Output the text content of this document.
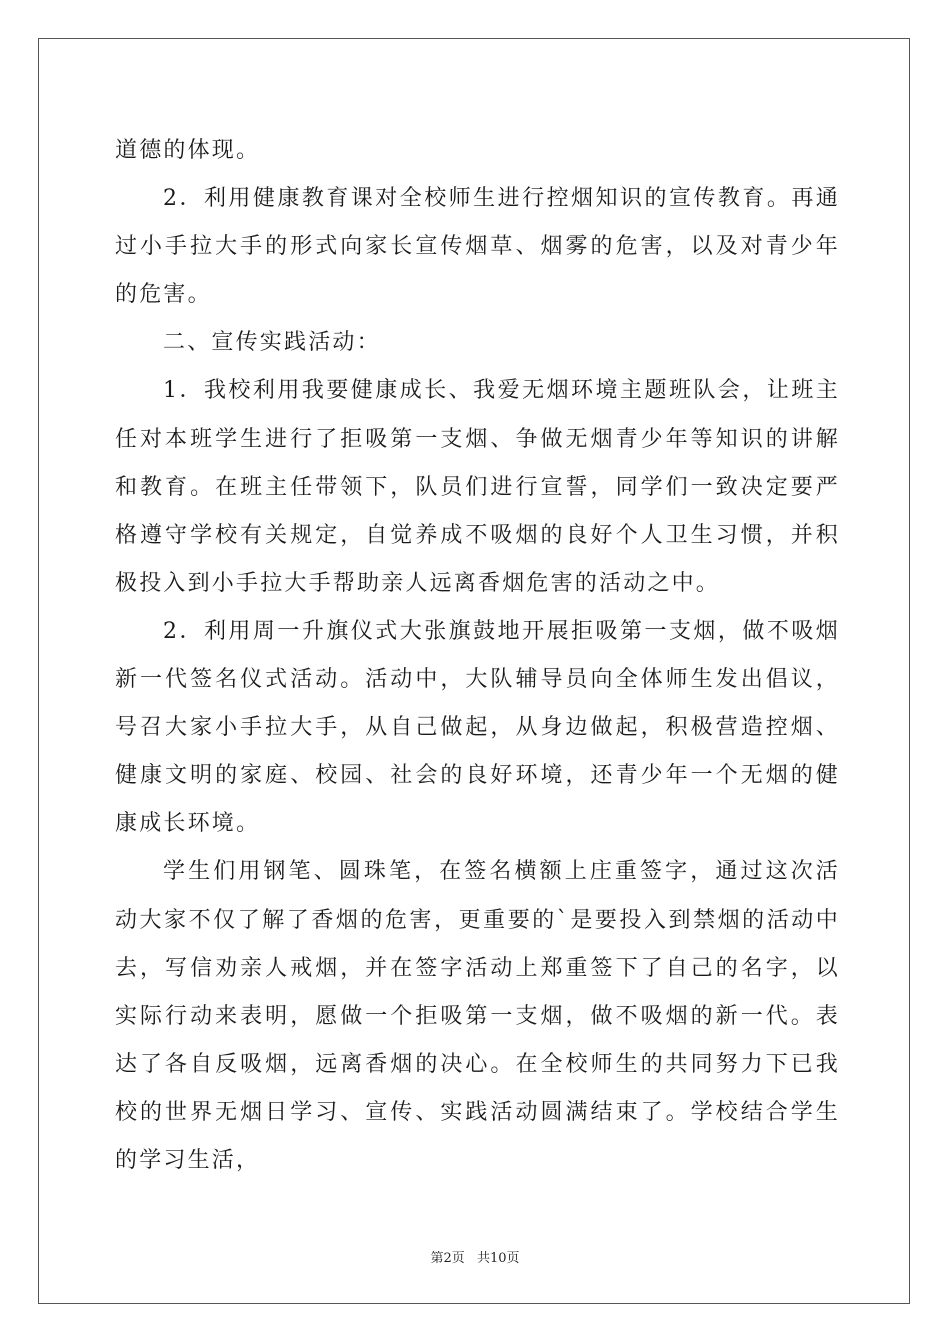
道德的体现。

2．利用健康教育课对全校师生进行控烟知识的宣传教育。再通过小手拉大手的形式向家长宣传烟草、烟雾的危害，以及对青少年的危害。

二、宣传实践活动：

1．我校利用我要健康成长、我爱无烟环境主题班队会，让班主任对本班学生进行了拒吸第一支烟、争做无烟青少年等知识的讲解和教育。在班主任带领下，队员们进行宣誓，同学们一致决定要严格遵守学校有关规定，自觉养成不吸烟的良好个人卫生习惯，并积极投入到小手拉大手帮助亲人远离香烟危害的活动之中。

2．利用周一升旗仪式大张旗鼓地开展拒吸第一支烟，做不吸烟新一代签名仪式活动。活动中，大队辅导员向全体师生发出倡议，号召大家小手拉大手，从自己做起，从身边做起，积极营造控烟、健康文明的家庭、校园、社会的良好环境，还青少年一个无烟的健康成长环境。

学生们用钢笔、圆珠笔，在签名横额上庄重签字，通过这次活动大家不仅了解了香烟的危害，更重要的`是要投入到禁烟的活动中去，写信劝亲人戒烟，并在签字活动上郑重签下了自己的名字，以实际行动来表明，愿做一个拒吸第一支烟，做不吸烟的新一代。表达了各自反吸烟，远离香烟的决心。在全校师生的共同努力下已我校的世界无烟日学习、宣传、实践活动圆满结束了。学校结合学生的学习生活，

第2页 共10页
